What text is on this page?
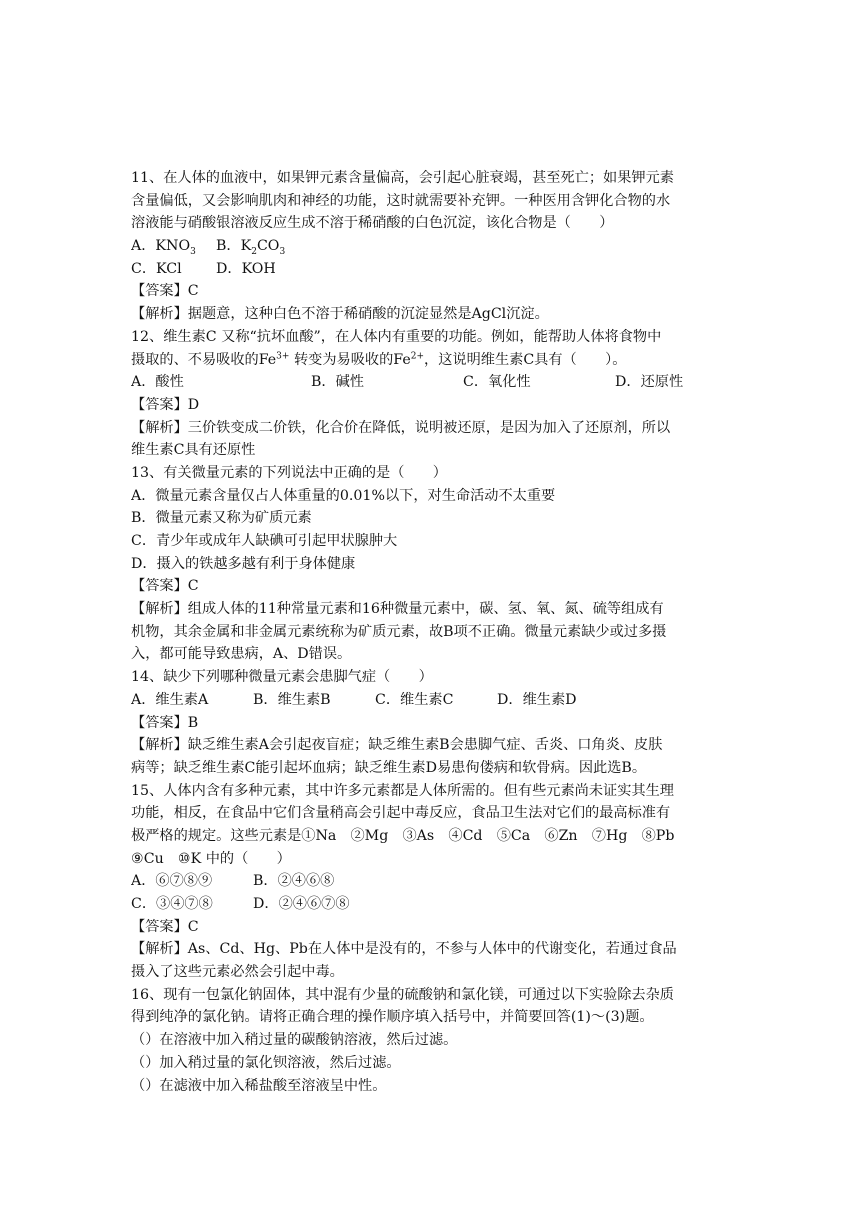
11、在人体的血液中，如果钾元素含量偏高，会引起心脏衰竭，甚至死亡；如果钾元素
含量偏低，又会影响肌肉和神经的功能，这时就需要补充钾。一种医用含钾化合物的水
溶液能与硝酸银溶液反应生成不溶于稀硝酸的白色沉淀，该化合物是（　　）
A．$KNO_3$	B．$K_2CO_3$
C．KCl	D．KOH
【答案】C
【解析】据题意，这种白色不溶于稀硝酸的沉淀显然是AgCl沉淀。
12、维生素C 又称“抗坏血酸”，在人体内有重要的功能。例如，能帮助人体将食物中
摄取的、不易吸收的$Fe^{3+}$ 转变为易吸收的$Fe^{2+}$，这说明维生素C具有（　　）。
A．酸性	B．碱性	C．氧化性	D．还原性
【答案】D
【解析】三价铁变成二价铁，化合价在降低，说明被还原，是因为加入了还原剂，所以
维生素C具有还原性
13、有关微量元素的下列说法中正确的是（　　）
A．微量元素含量仅占人体重量的0.01%以下，对生命活动不太重要
B．微量元素又称为矿质元素
C．青少年或成年人缺碘可引起甲状腺肿大
D．摄入的铁越多越有利于身体健康
【答案】C
【解析】组成人体的11种常量元素和16种微量元素中，碳、氢、氧、氮、硫等组成有
机物，其余金属和非金属元素统称为矿质元素，故B项不正确。微量元素缺少或过多摄
入，都可能导致患病，A、D错误。
14、缺少下列哪种微量元素会患脚气症（　　）
A．维生素A	B．维生素B	C．维生素C	D．维生素D
【答案】B
【解析】缺乏维生素A会引起夜盲症；缺乏维生素B会患脚气症、舌炎、口角炎、皮肤
病等；缺乏维生素C能引起坏血病；缺乏维生素D易患佝偻病和软骨病。因此选B。
15、人体内含有多种元素，其中许多元素都是人体所需的。但有些元素尚未证实其生理
功能，相反，在食品中它们含量稍高会引起中毒反应，食品卫生法对它们的最高标准有
极严格的规定。这些元素是①Na　②Mg　③As　④Cd　⑤Ca　⑥Zn　⑦Hg　⑧Pb
⑨Cu　⑩K 中的（　　）
A．⑥⑦⑧⑨	B．②④⑥⑧
C．③④⑦⑧	D．②④⑥⑦⑧
【答案】C
【解析】As、Cd、Hg、Pb在人体中是没有的，不参与人体中的代谢变化，若通过食品
摄入了这些元素必然会引起中毒。
16、现有一包氯化钠固体，其中混有少量的硫酸钠和氯化镁，可通过以下实验除去杂质
得到纯净的氯化钠。请将正确合理的操作顺序填入括号中，并简要回答(1)～(3)题。
（）在溶液中加入稍过量的碳酸钠溶液，然后过滤。
（）加入稍过量的氯化钡溶液，然后过滤。
（）在滤液中加入稀盐酸至溶液呈中性。
